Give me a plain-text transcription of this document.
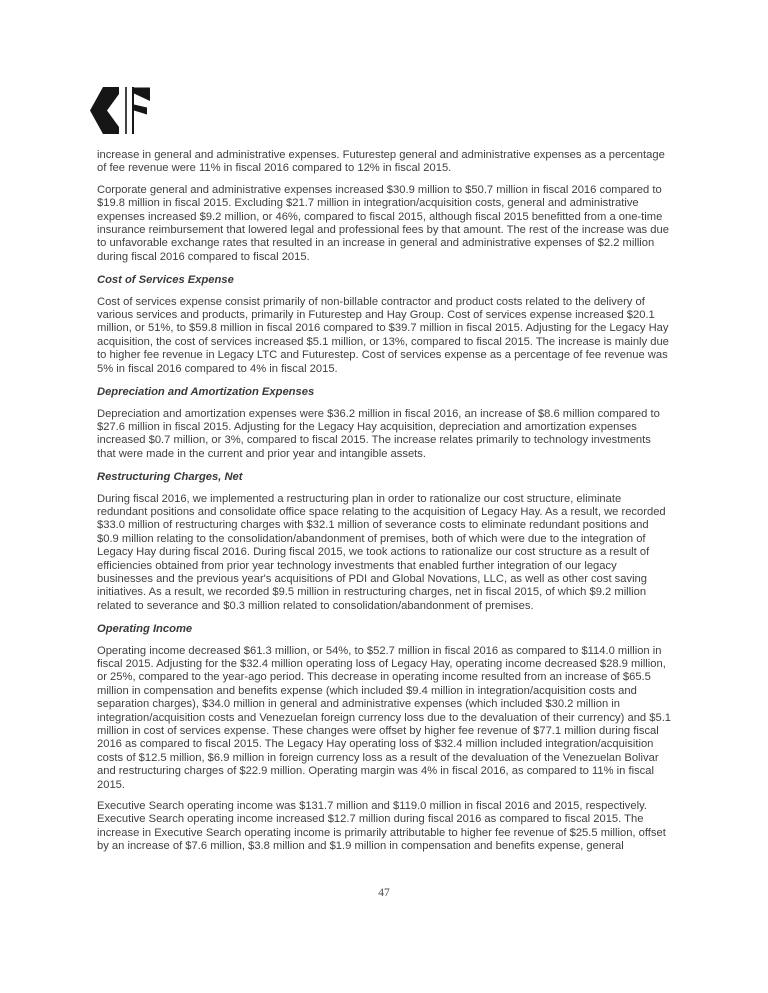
increase in general and administrative expenses. Futurestep general and administrative expenses as a percentage of fee revenue were 11% in fiscal 2016 compared to 12% in fiscal 2015.

Corporate general and administrative expenses increased $30.9 million to $50.7 million in fiscal 2016 compared to $19.8 million in fiscal 2015. Excluding $21.7 million in integration/acquisition costs, general and administrative expenses increased $9.2 million, or 46%, compared to fiscal 2015, although fiscal 2015 benefitted from a one-time insurance reimbursement that lowered legal and professional fees by that amount. The rest of the increase was due to unfavorable exchange rates that resulted in an increase in general and administrative expenses of $2.2 million during fiscal 2016 compared to fiscal 2015.

Cost of Services Expense

Cost of services expense consist primarily of non-billable contractor and product costs related to the delivery of various services and products, primarily in Futurestep and Hay Group. Cost of services expense increased $20.1 million, or 51%, to $59.8 million in fiscal 2016 compared to $39.7 million in fiscal 2015. Adjusting for the Legacy Hay acquisition, the cost of services increased $5.1 million, or 13%, compared to fiscal 2015. The increase is mainly due to higher fee revenue in Legacy LTC and Futurestep. Cost of services expense as a percentage of fee revenue was 5% in fiscal 2016 compared to 4% in fiscal 2015.

Depreciation and Amortization Expenses

Depreciation and amortization expenses were $36.2 million in fiscal 2016, an increase of $8.6 million compared to $27.6 million in fiscal 2015. Adjusting for the Legacy Hay acquisition, depreciation and amortization expenses increased $0.7 million, or 3%, compared to fiscal 2015. The increase relates primarily to technology investments that were made in the current and prior year and intangible assets.

Restructuring Charges, Net

During fiscal 2016, we implemented a restructuring plan in order to rationalize our cost structure, eliminate redundant positions and consolidate office space relating to the acquisition of Legacy Hay. As a result, we recorded $33.0 million of restructuring charges with $32.1 million of severance costs to eliminate redundant positions and $0.9 million relating to the consolidation/abandonment of premises, both of which were due to the integration of Legacy Hay during fiscal 2016. During fiscal 2015, we took actions to rationalize our cost structure as a result of efficiencies obtained from prior year technology investments that enabled further integration of our legacy businesses and the previous year's acquisitions of PDI and Global Novations, LLC, as well as other cost saving initiatives. As a result, we recorded $9.5 million in restructuring charges, net in fiscal 2015, of which $9.2 million related to severance and $0.3 million related to consolidation/abandonment of premises.

Operating Income

Operating income decreased $61.3 million, or 54%, to $52.7 million in fiscal 2016 as compared to $114.0 million in fiscal 2015. Adjusting for the $32.4 million operating loss of Legacy Hay, operating income decreased $28.9 million, or 25%, compared to the year-ago period. This decrease in operating income resulted from an increase of $65.5 million in compensation and benefits expense (which included $9.4 million in integration/acquisition costs and separation charges), $34.0 million in general and administrative expenses (which included $30.2 million in integration/acquisition costs and Venezuelan foreign currency loss due to the devaluation of their currency) and $5.1 million in cost of services expense. These changes were offset by higher fee revenue of $77.1 million during fiscal 2016 as compared to fiscal 2015. The Legacy Hay operating loss of $32.4 million included integration/acquisition costs of $12.5 million, $6.9 million in foreign currency loss as a result of the devaluation of the Venezuelan Bolivar and restructuring charges of $22.9 million. Operating margin was 4% in fiscal 2016, as compared to 11% in fiscal 2015.

Executive Search operating income was $131.7 million and $119.0 million in fiscal 2016 and 2015, respectively. Executive Search operating income increased $12.7 million during fiscal 2016 as compared to fiscal 2015. The increase in Executive Search operating income is primarily attributable to higher fee revenue of $25.5 million, offset by an increase of $7.6 million, $3.8 million and $1.9 million in compensation and benefits expense, general

47
